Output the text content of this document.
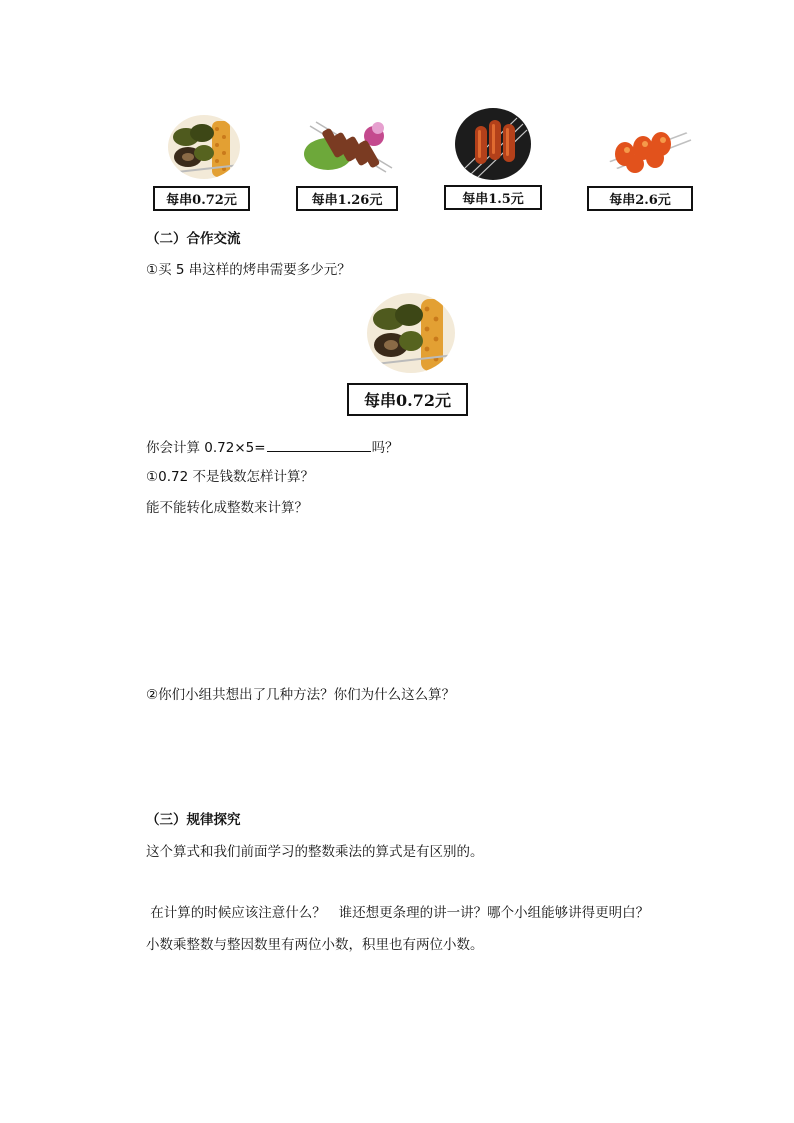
每串0.72元	每串1.26元	每串1.5元	每串2.6元
（二）合作交流
①买 5 串这样的烤串需要多少元？
每串0.72元
你会计算 0.72×5=	吗？
①0.72 不是钱数怎样计算？
能不能转化成整数来计算？
②你们小组共想出了几种方法？你们为什么这么算？
（三）规律探究
这个算式和我们前面学习的整数乘法的算式是有区别的。
在计算的时候应该注意什么？   谁还想更条理的讲一讲？哪个小组能够讲得更明白？
小数乘整数与整因数里有两位小数，积里也有两位小数。
